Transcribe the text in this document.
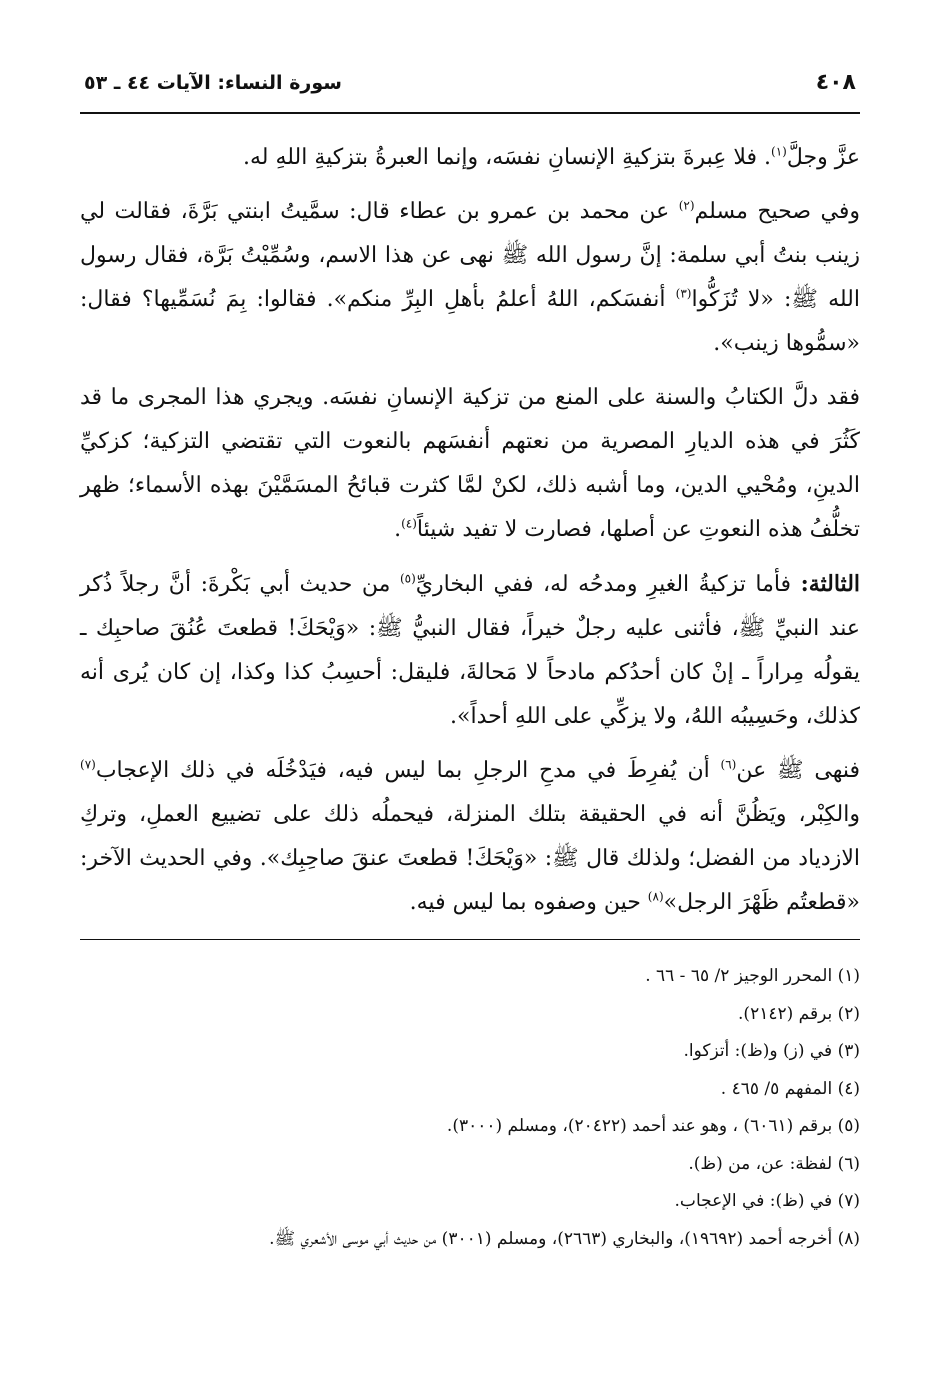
٤٠٨
سورة النساء: الآيات ٤٤ ـ ٥٣

عزَّ وجلَّ$^{(١)}$. فلا عِبرةَ بتزكيةِ الإنسانِ نفسَه، وإنما العبرةُ بتزكيةِ اللهِ له.

وفي صحيح مسلم$^{(٢)}$ عن محمد بن عمرو بن عطاء قال: سمَّيتُ ابنتي بَرَّةَ، فقالت لي زينب بنتُ أبي سلمة: إنَّ رسول الله ﷺ نهى عن هذا الاسم، وسُمِّيْتُ بَرَّة، فقال رسول الله ﷺ: «لا تُزَكُّوا$^{(٣)}$ أنفسَكم، اللهُ أعلمُ بأهلِ البِرِّ منكم». فقالوا: بِمَ نُسَمِّيها؟ فقال: «سمُّوها زينب».

فقد دلَّ الكتابُ والسنة على المنع من تزكية الإنسانِ نفسَه. ويجري هذا المجرى ما قد كَثُرَ في هذه الديارِ المصرية من نعتهم أنفسَهم بالنعوت التي تقتضي التزكية؛ كزكيِّ الدينِ، ومُحْيي الدين، وما أشبه ذلك، لكنْ لمَّا كثرت قبائحُ المسَمَّيْنَ بهذه الأسماء؛ ظهر تخلُّفُ هذه النعوتِ عن أصلها، فصارت لا تفيد شيئاً$^{(٤)}$.

الثالثة: فأما تزكيةُ الغيرِ ومدحُه له، ففي البخاريِّ$^{(٥)}$ من حديث أبي بَكْرةَ: أنَّ رجلاً ذُكر عند النبيِّ ﷺ، فأثنى عليه رجلٌ خيراً، فقال النبيُّ ﷺ: «وَيْحَكَ! قطعتَ عُنُقَ صاحبِك ـ يقولُه مِراراً ـ إنْ كان أحدُكم مادحاً لا مَحالةَ، فليقل: أحسِبُ كذا وكذا، إن كان يُرى أنه كذلك، وحَسِيبُه اللهُ، ولا يزكِّي على اللهِ أحداً».

فنهى ﷺ عن$^{(٦)}$ أن يُفرِطَ في مدحِ الرجلِ بما ليس فيه، فيَدْخُلَه في ذلك الإعجاب$^{(٧)}$ والكِبْر، ويَظُنَّ أنه في الحقيقة بتلك المنزلة، فيحملُه ذلك على تضييع العملِ، وتركِ الازدياد من الفضل؛ ولذلك قال ﷺ: «وَيْحَكَ! قطعتَ عنقَ صاحِبِك». وفي الحديث الآخر: «قطعتُم ظَهْرَ الرجل»$^{(٨)}$ حين وصفوه بما ليس فيه.

(١) المحرر الوجيز ٢/ ٦٥ - ٦٦ .

(٢) برقم (٢١٤٢).

(٣) في (ز) و(ظ): أتزكوا.

(٤) المفهم ٥/ ٤٦٥ .

(٥) برقم (٦٠٦١) ، وهو عند أحمد (٢٠٤٢٢)، ومسلم (٣٠٠٠).

(٦) لفظة: عن، من (ظ).

(٧) في (ظ): في الإعجاب.

(٨) أخرجه أحمد (١٩٦٩٢)، والبخاري (٢٦٦٣)، ومسلم (٣٠٠١) من حديث أبي موسى الأشعري ﷺ.
